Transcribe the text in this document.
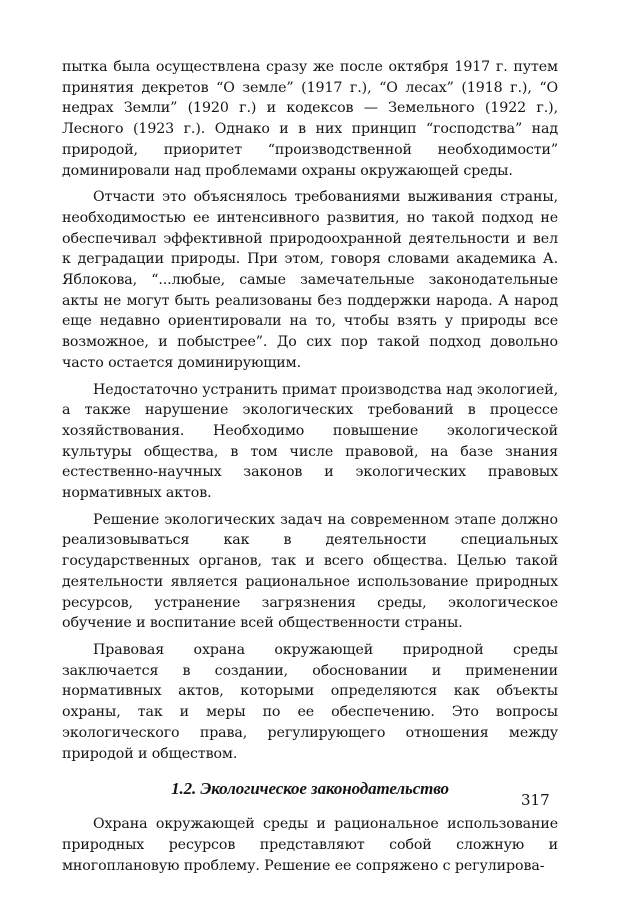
пытка была осуществлена сразу же после октября 1917 г. путем принятия декретов “О земле” (1917 г.), “О лесах” (1918 г.), “О недрах Земли” (1920 г.) и кодексов — Земельного (1922 г.), Лесного (1923 г.). Однако и в них принцип “господства” над природой, приоритет “производственной необходимости” доминировали над проблемами охраны окружающей среды.

Отчасти это объяснялось требованиями выживания страны, необходимостью ее интенсивного развития, но такой подход не обеспечивал эффективной природоохранной деятельности и вел к деградации природы. При этом, говоря словами академика А. Яблокова, “...любые, самые замечательные законодательные акты не могут быть реализованы без поддержки народа. А народ еще недавно ориентировали на то, чтобы взять у природы все возможное, и побыстрее”. До сих пор такой подход довольно часто остается доминирующим.

Недостаточно устранить примат производства над экологией, а также нарушение экологических требований в процессе хозяйствования. Необходимо повышение экологической культуры общества, в том числе правовой, на базе знания естественно-научных законов и экологических правовых нормативных актов.

Решение экологических задач на современном этапе должно реализовываться как в деятельности специальных государственных органов, так и всего общества. Целью такой деятельности является рациональное использование природных ресурсов, устранение загрязнения среды, экологическое обучение и воспитание всей общественности страны.

Правовая охрана окружающей природной среды заключается в создании, обосновании и применении нормативных актов, которыми определяются как объекты охраны, так и меры по ее обеспечению. Это вопросы экологического права, регулирующего отношения между природой и обществом.

1.2. Экологическое законодательство

Охрана окружающей среды и рациональное использование природных ресурсов представляют собой сложную и многоплановую проблему. Решение ее сопряжено с регулирова-

317
